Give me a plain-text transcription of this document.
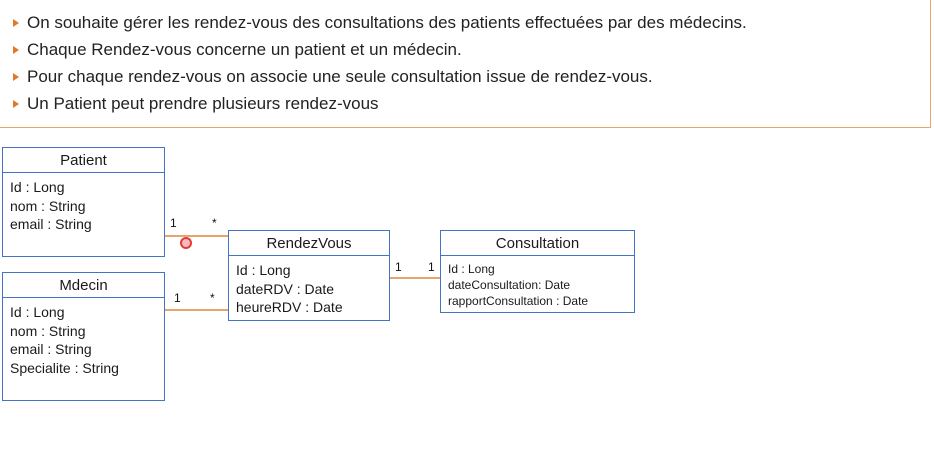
On souhaite gérer les rendez-vous des consultations des patients effectuées par des médecins.
Chaque Rendez-vous concerne un patient et un médecin.
Pour chaque rendez-vous on associe une seule consultation issue de rendez-vous.
Un Patient peut prendre plusieurs rendez-vous
Patient
Id : Long
nom : String
email : String
Mdecin
Id : Long
nom : String
email : String
Specialite : String
RendezVous
Id : Long
dateRDV : Date
heureRDV : Date
Consultation
Id : Long
dateConsultation: Date
rapportConsultation : Date
1	*
1 *
1 1
